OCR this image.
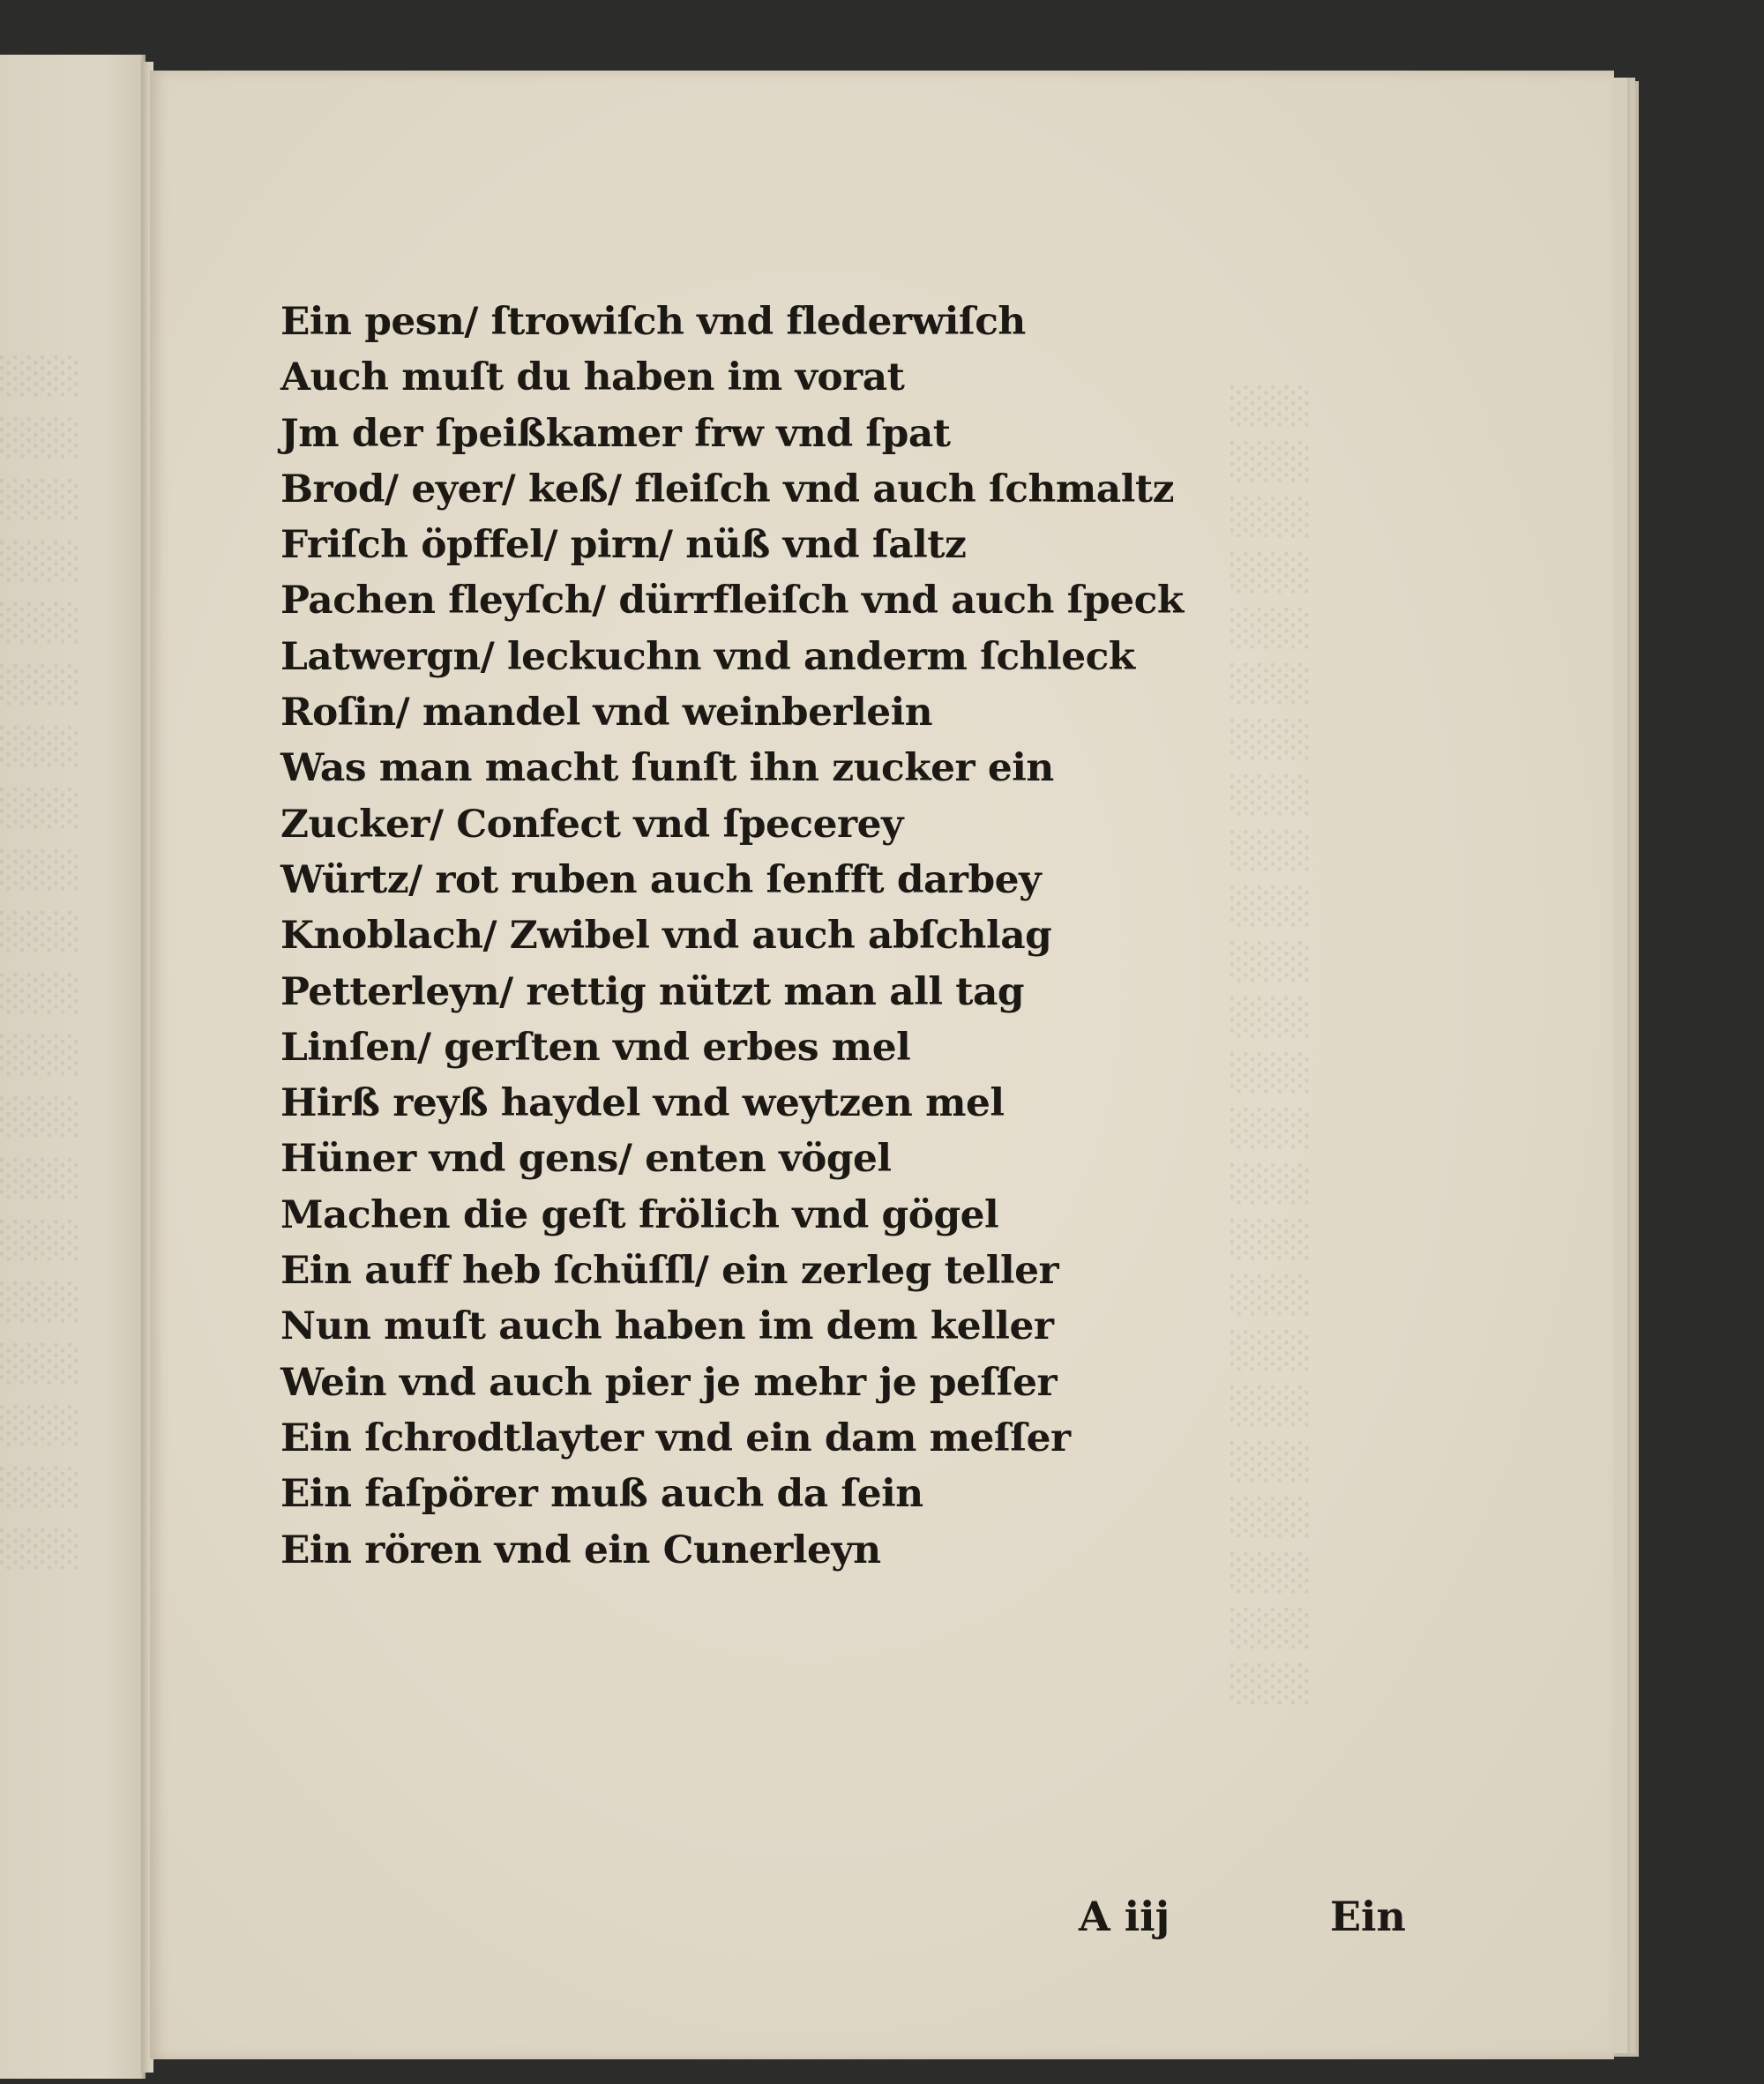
░░░
░░░
░░░
░░░
░░░
░░░
░░░
░░░
░░░
░░░
░░░
░░░
░░░
░░░
░░░
░░░
░░░
░░░
░░░
░░░
░░░
░░░
░░░
░░░
░░░
░░░
░░░
░░░
░░░
░░░
░░░
░░░
░░░
░░░
░░░
░░░
░░░
░░░
░░░
░░░
░░░
░░░
░░░
░░░
Ein pesn/ ſtrowiſch vnd flederwiſch
Auch muſt du haben im vorat
Jm der ſpeißkamer frw vnd ſpat
Brod/ eyer/ keß/ fleiſch vnd auch ſchmaltz
Friſch öpffel/ pirn/ nüß vnd ſaltz
Pachen fleyſch/ dürrfleiſch vnd auch ſpeck
Latwergn/ leckuchn vnd anderm ſchleck
Roſin/ mandel vnd weinberlein
Was man macht ſunſt ihn zucker ein
Zucker/ Confect vnd ſpecerey
Würtz/ rot ruben auch ſenfft darbey
Knoblach/ Zwibel vnd auch abſchlag
Petterleyn/ rettig nützt man all tag
Linſen/ gerſten vnd erbes mel
Hirß reyß haydel vnd weytzen mel
Hüner vnd gens/ enten vögel
Machen die geſt frölich vnd gögel
Ein auff heb ſchüſſl/ ein zerleg teller
Nun muſt auch haben im dem keller
Wein vnd auch pier je mehr je peſſer
Ein ſchrodtlayter vnd ein dam meſſer
Ein faſpörer muß auch da ſein
Ein rören vnd ein Cunerleyn
A iij	Ein
